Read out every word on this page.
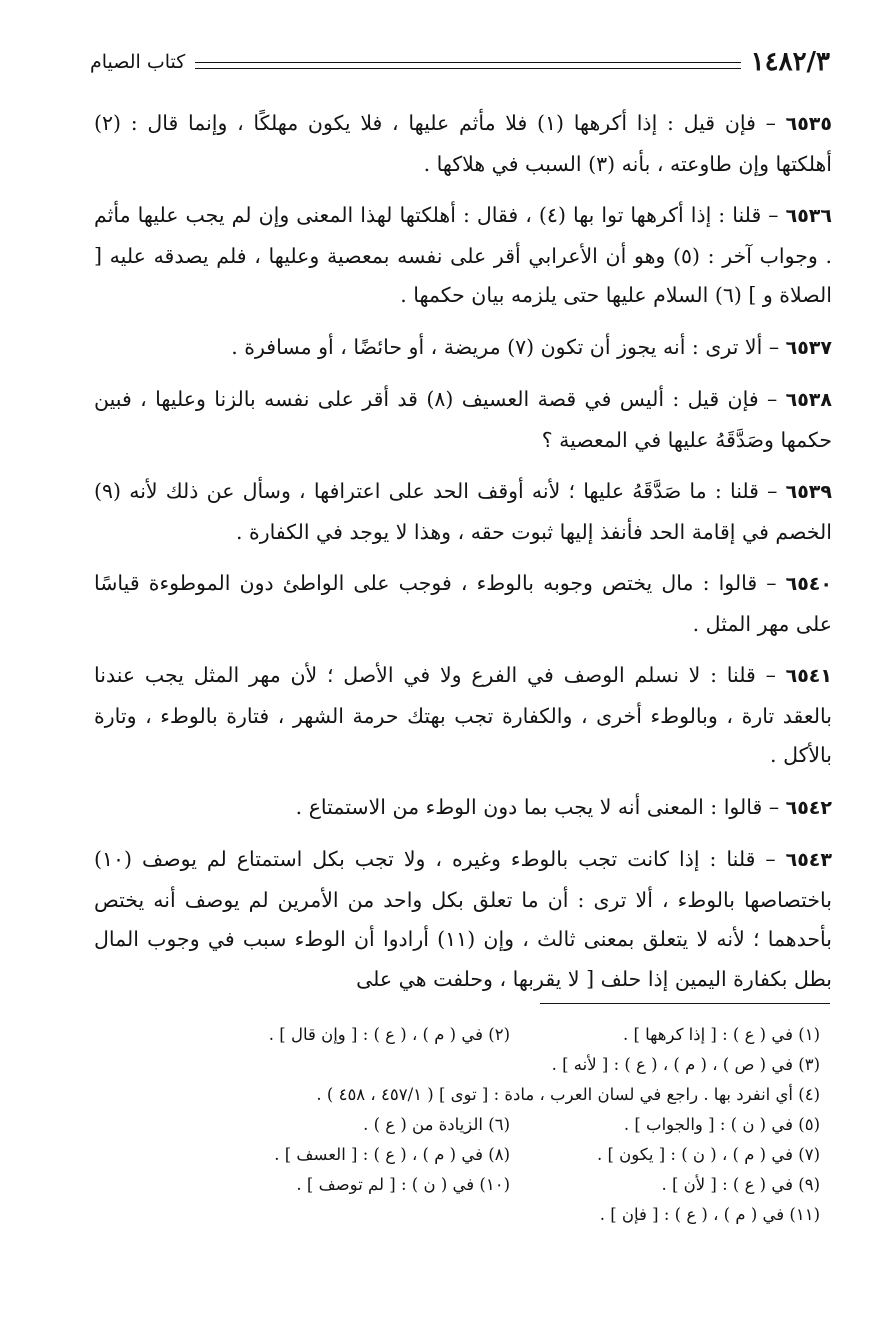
١٤٨٢/٣
كتاب الصيام

٦٥٣٥ – فإن قيل : إذا أكرهها (١) فلا مأثم عليها ، فلا يكون مهلكًا ، وإنما قال : (٢) أهلكتها وإن طاوعته ، بأنه (٣) السبب في هلاكها .

٦٥٣٦ – قلنا : إذا أكرهها توا بها (٤) ، فقال : أهلكتها لهذا المعنى وإن لم يجب عليها مأثم . وجواب آخر : (٥) وهو أن الأعرابي أقر على نفسه بمعصية وعليها ، فلم يصدقه عليه [ الصلاة و ] (٦) السلام عليها حتى يلزمه بيان حكمها .

٦٥٣٧ – ألا ترى : أنه يجوز أن تكون (٧) مريضة ، أو حائضًا ، أو مسافرة .

٦٥٣٨ – فإن قيل : أليس في قصة العسيف (٨) قد أقر على نفسه بالزنا وعليها ، فبين حكمها وصَدَّقَهُ عليها في المعصية ؟

٦٥٣٩ – قلنا : ما صَدَّقَهُ عليها ؛ لأنه أوقف الحد على اعترافها ، وسأل عن ذلك لأنه (٩) الخصم في إقامة الحد فأنفذ إليها ثبوت حقه ، وهذا لا يوجد في الكفارة .

٦٥٤٠ – قالوا : مال يختص وجوبه بالوطء ، فوجب على الواطئ دون الموطوءة قياسًا على مهر المثل .

٦٥٤١ – قلنا : لا نسلم الوصف في الفرع ولا في الأصل ؛ لأن مهر المثل يجب عندنا بالعقد تارة ، وبالوطء أخرى ، والكفارة تجب بهتك حرمة الشهر ، فتارة بالوطء ، وتارة بالأكل .

٦٥٤٢ – قالوا : المعنى أنه لا يجب بما دون الوطء من الاستمتاع .

٦٥٤٣ – قلنا : إذا كانت تجب بالوطء وغيره ، ولا تجب بكل استمتاع لم يوصف (١٠) باختصاصها بالوطء ، ألا ترى : أن ما تعلق بكل واحد من الأمرين لم يوصف أنه يختص بأحدهما ؛ لأنه لا يتعلق بمعنى ثالث ، وإن (١١) أرادوا أن الوطء سبب في وجوب المال بطل بكفارة اليمين إذا حلف [ لا يقربها ، وحلفت هي على

(١) في ( ع ) : [ إذا كرهها ] .
(٢) في ( م ) ، ( ع ) : [ وإن قال ] .
(٣) في ( ص ) ، ( م ) ، ( ع ) : [ لأنه ] .
(٤) أي انفرد بها . راجع في لسان العرب ، مادة : [ توى ] ( ٤٥٧/١ ، ٤٥٨ ) .
(٥) في ( ن ) : [ والجواب ] .
(٦) الزيادة من ( ع ) .
(٧) في ( م ) ، ( ن ) : [ يكون ] .
(٨) في ( م ) ، ( ع ) : [ العسف ] .
(٩) في ( ع ) : [ لأن ] .
(١٠) في ( ن ) : [ لم توصف ] .
(١١) في ( م ) ، ( ع ) : [ فإن ] .
